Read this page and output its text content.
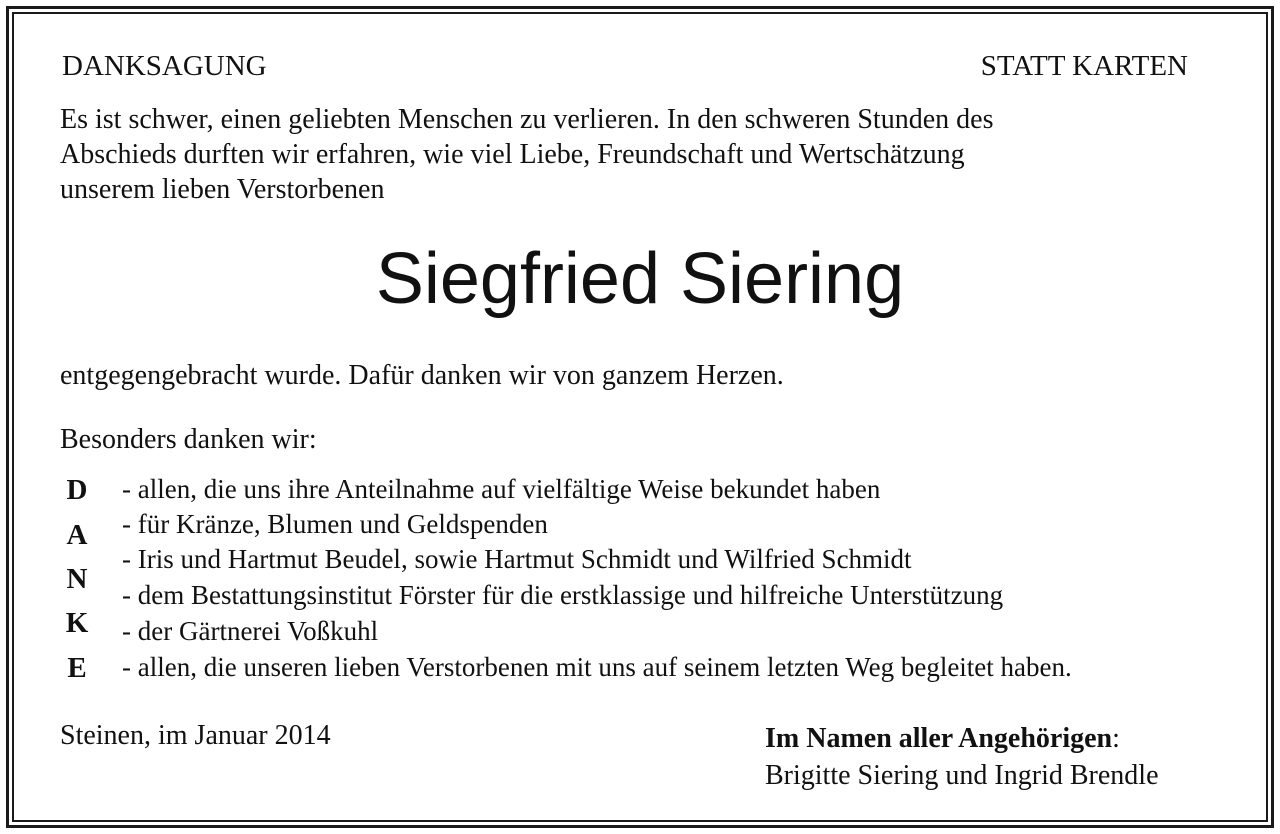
DANKSAGUNG	STATT KARTEN
Es ist schwer, einen geliebten Menschen zu verlieren. In den schweren Stunden des
Abschieds durften wir erfahren, wie viel Liebe, Freundschaft und Wertschätzung
unserem lieben Verstorbenen
Siegfried Siering
entgegengebracht wurde. Dafür danken wir von ganzem Herzen.
Besonders danken wir:
D
A
N
K
E
- allen, die uns ihre Anteilnahme auf vielfältige Weise bekundet haben
- für Kränze, Blumen und Geldspenden
- Iris und Hartmut Beudel, sowie Hartmut Schmidt und Wilfried Schmidt
- dem Bestattungsinstitut Förster für die erstklassige und hilfreiche Unterstützung
- der Gärtnerei Voßkuhl
- allen, die unseren lieben Verstorbenen mit uns auf seinem letzten Weg begleitet haben.
Steinen, im Januar 2014	Im Namen aller Angehörigen:
Brigitte Siering und Ingrid Brendle
